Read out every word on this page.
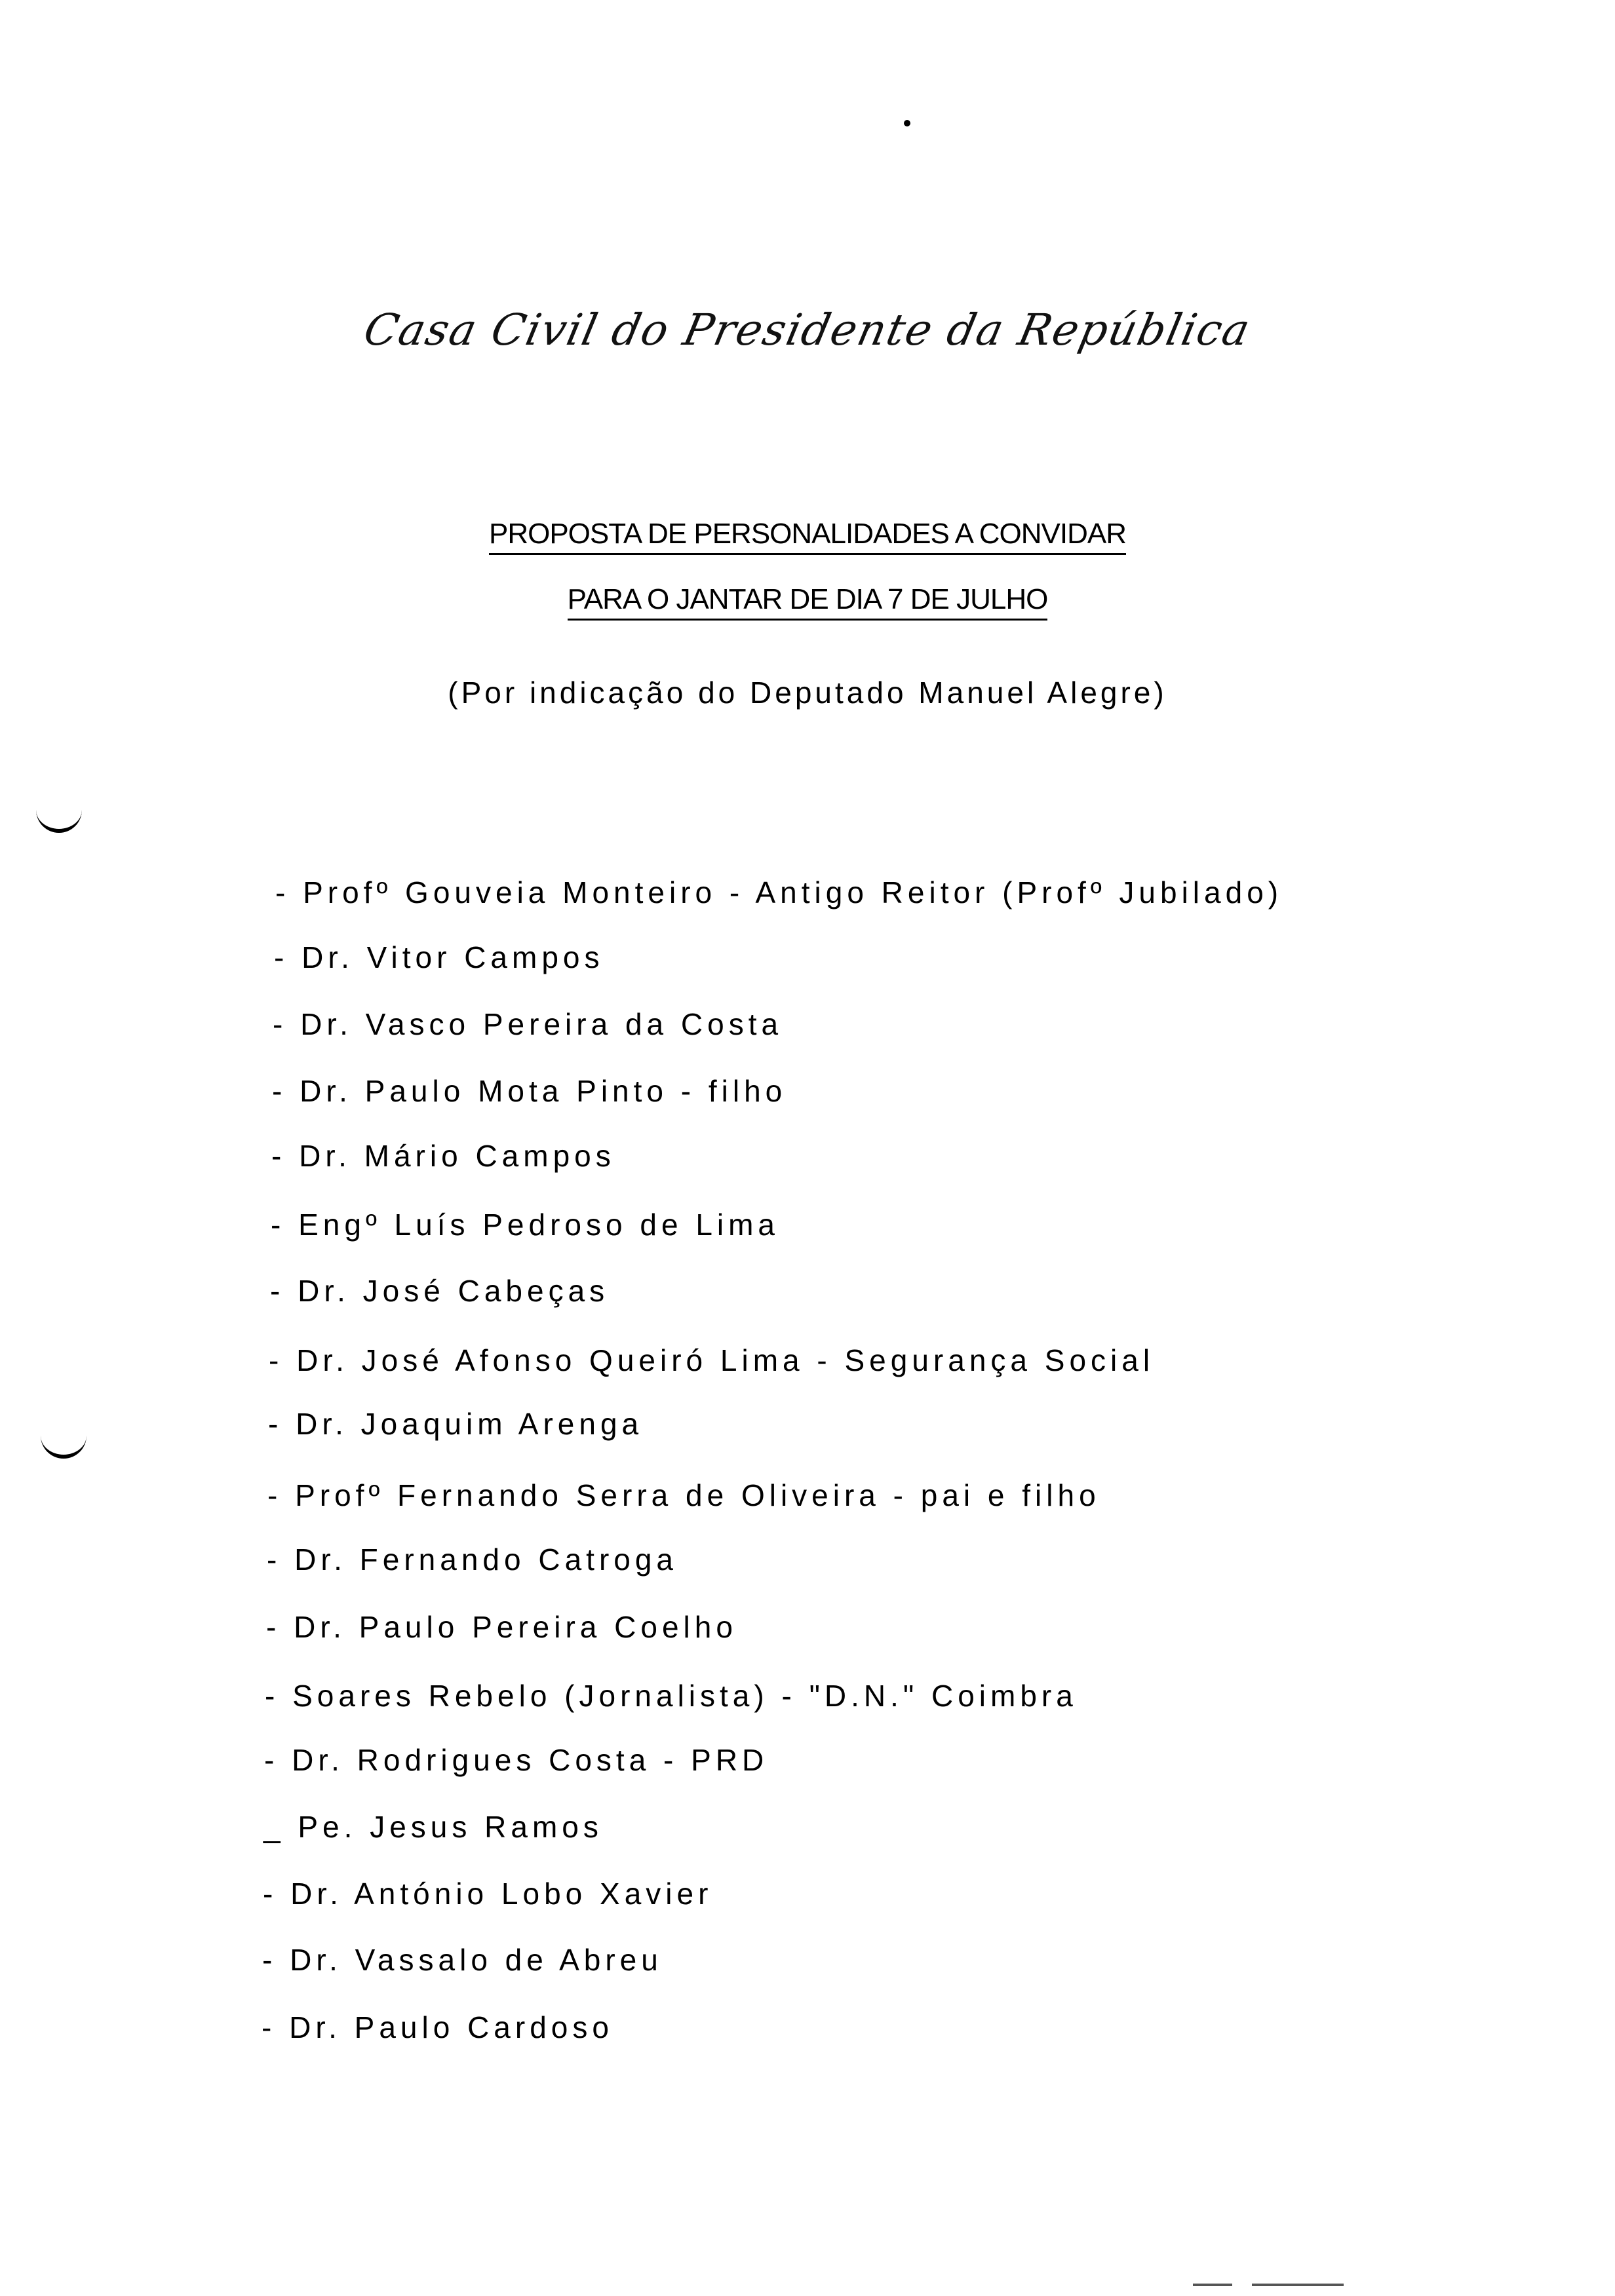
Casa Civil do Presidente da República
PROPOSTA DE PERSONALIDADES A CONVIDAR
PARA O JANTAR DE DIA 7 DE JULHO
(Por indicação do Deputado Manuel Alegre)
- Profº Gouveia Monteiro - Antigo Reitor (Profº Jubilado)
- Dr. Vitor Campos
- Dr. Vasco Pereira da Costa
- Dr. Paulo Mota Pinto - filho
- Dr. Mário Campos
- Engº Luís Pedroso de Lima
- Dr. José Cabeças
- Dr. José Afonso Queiró Lima - Segurança Social
- Dr. Joaquim Arenga
- Profº Fernando Serra de Oliveira - pai e filho
- Dr. Fernando Catroga
- Dr. Paulo Pereira Coelho
- Soares Rebelo (Jornalista) - "D.N." Coimbra
- Dr. Rodrigues Costa - PRD
_ Pe. Jesus Ramos
- Dr. António Lobo Xavier
- Dr. Vassalo de Abreu
- Dr. Paulo Cardoso
